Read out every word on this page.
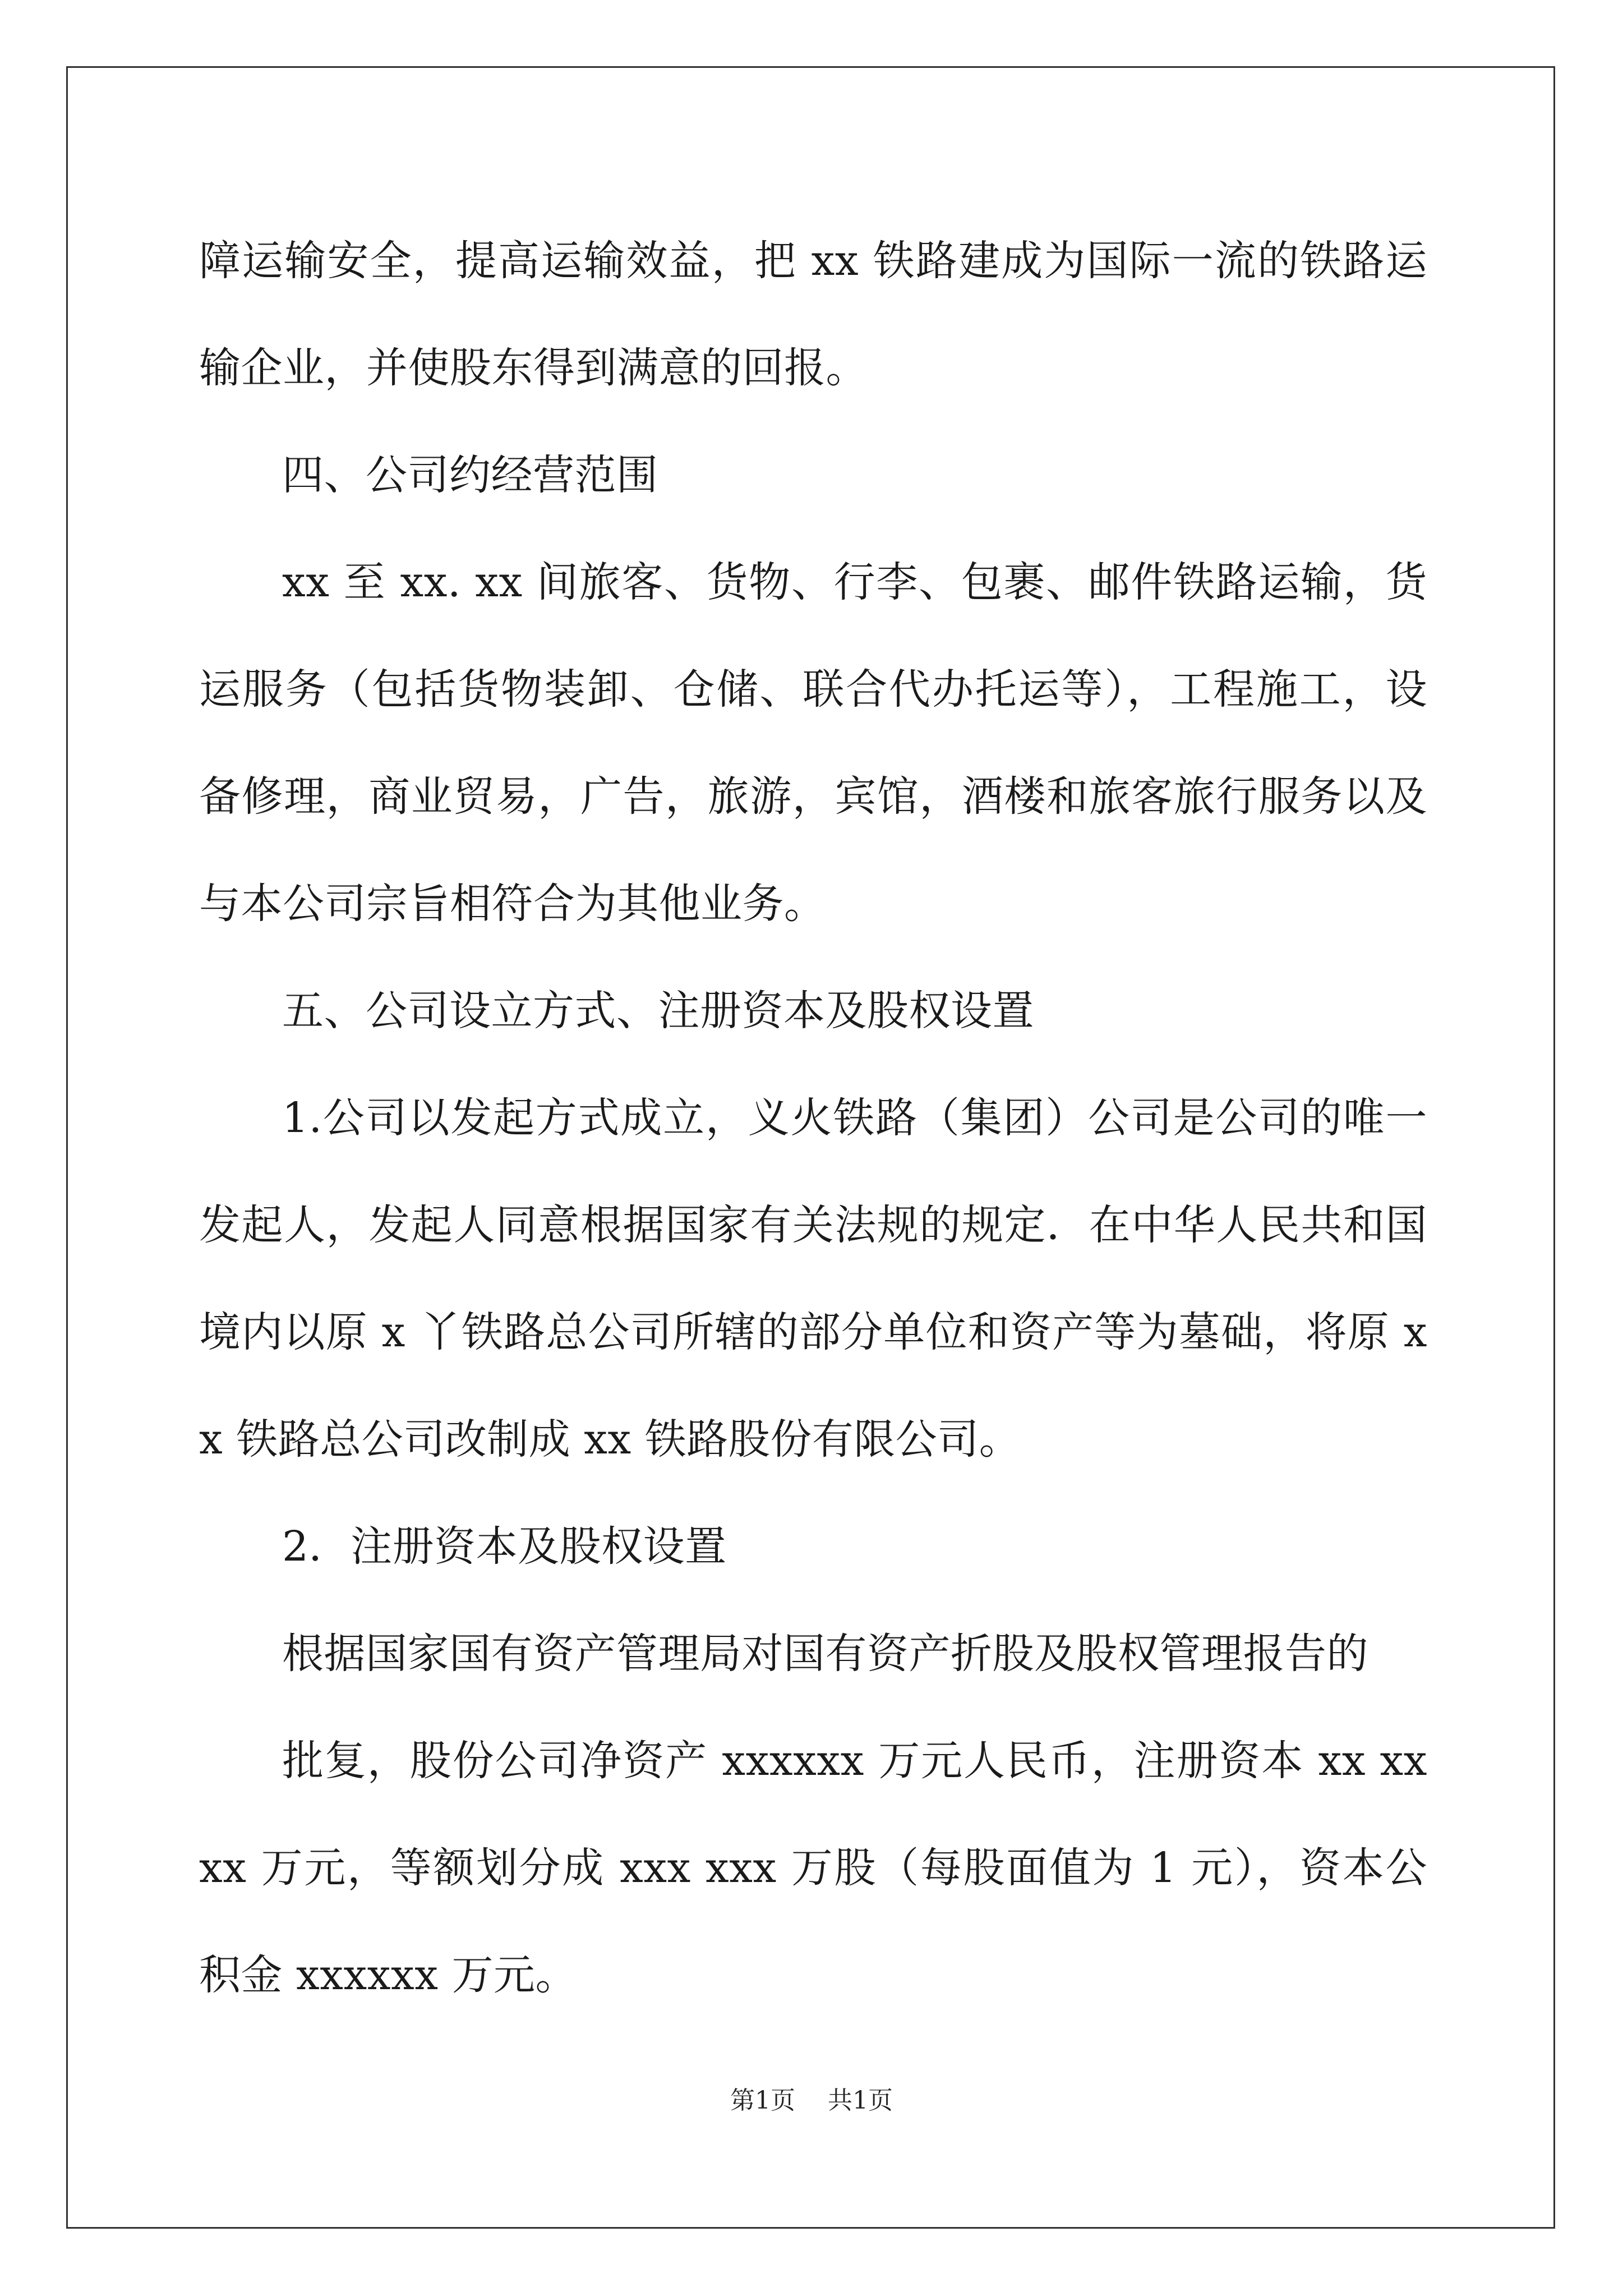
障运输安全，提高运输效益，把 xx 铁路建成为国际一流的铁路运输企业，并使股东得到满意的回报。

四、公司约经营范围

xx 至 xx. xx 间旅客、货物、行李、包裹、邮件铁路运输，货运服务（包括货物装卸、仓储、联合代办托运等），工程施工，设备修理，商业贸易，广告，旅游，宾馆，酒楼和旅客旅行服务以及与本公司宗旨相符合为其他业务。

五、公司设立方式、注册资本及股权设置

1.公司以发起方式成立，义火铁路（集团）公司是公司的唯一发起人，发起人同意根据国家有关法规的规定．在中华人民共和国境内以原 x 丫铁路总公司所辖的部分单位和资产等为墓础，将原 xx 铁路总公司改制成 xx 铁路股份有限公司。

2．注册资本及股权设置

根据国家国有资产管理局对国有资产折股及股权管理报告的

批复，股份公司净资产 xxxxxx 万元人民币，注册资本 xx xxxx 万元，等额划分成 xxx xxx 万股（每股面值为 1 元），资本公积金 xxxxxx 万元。

第1页 共1页
